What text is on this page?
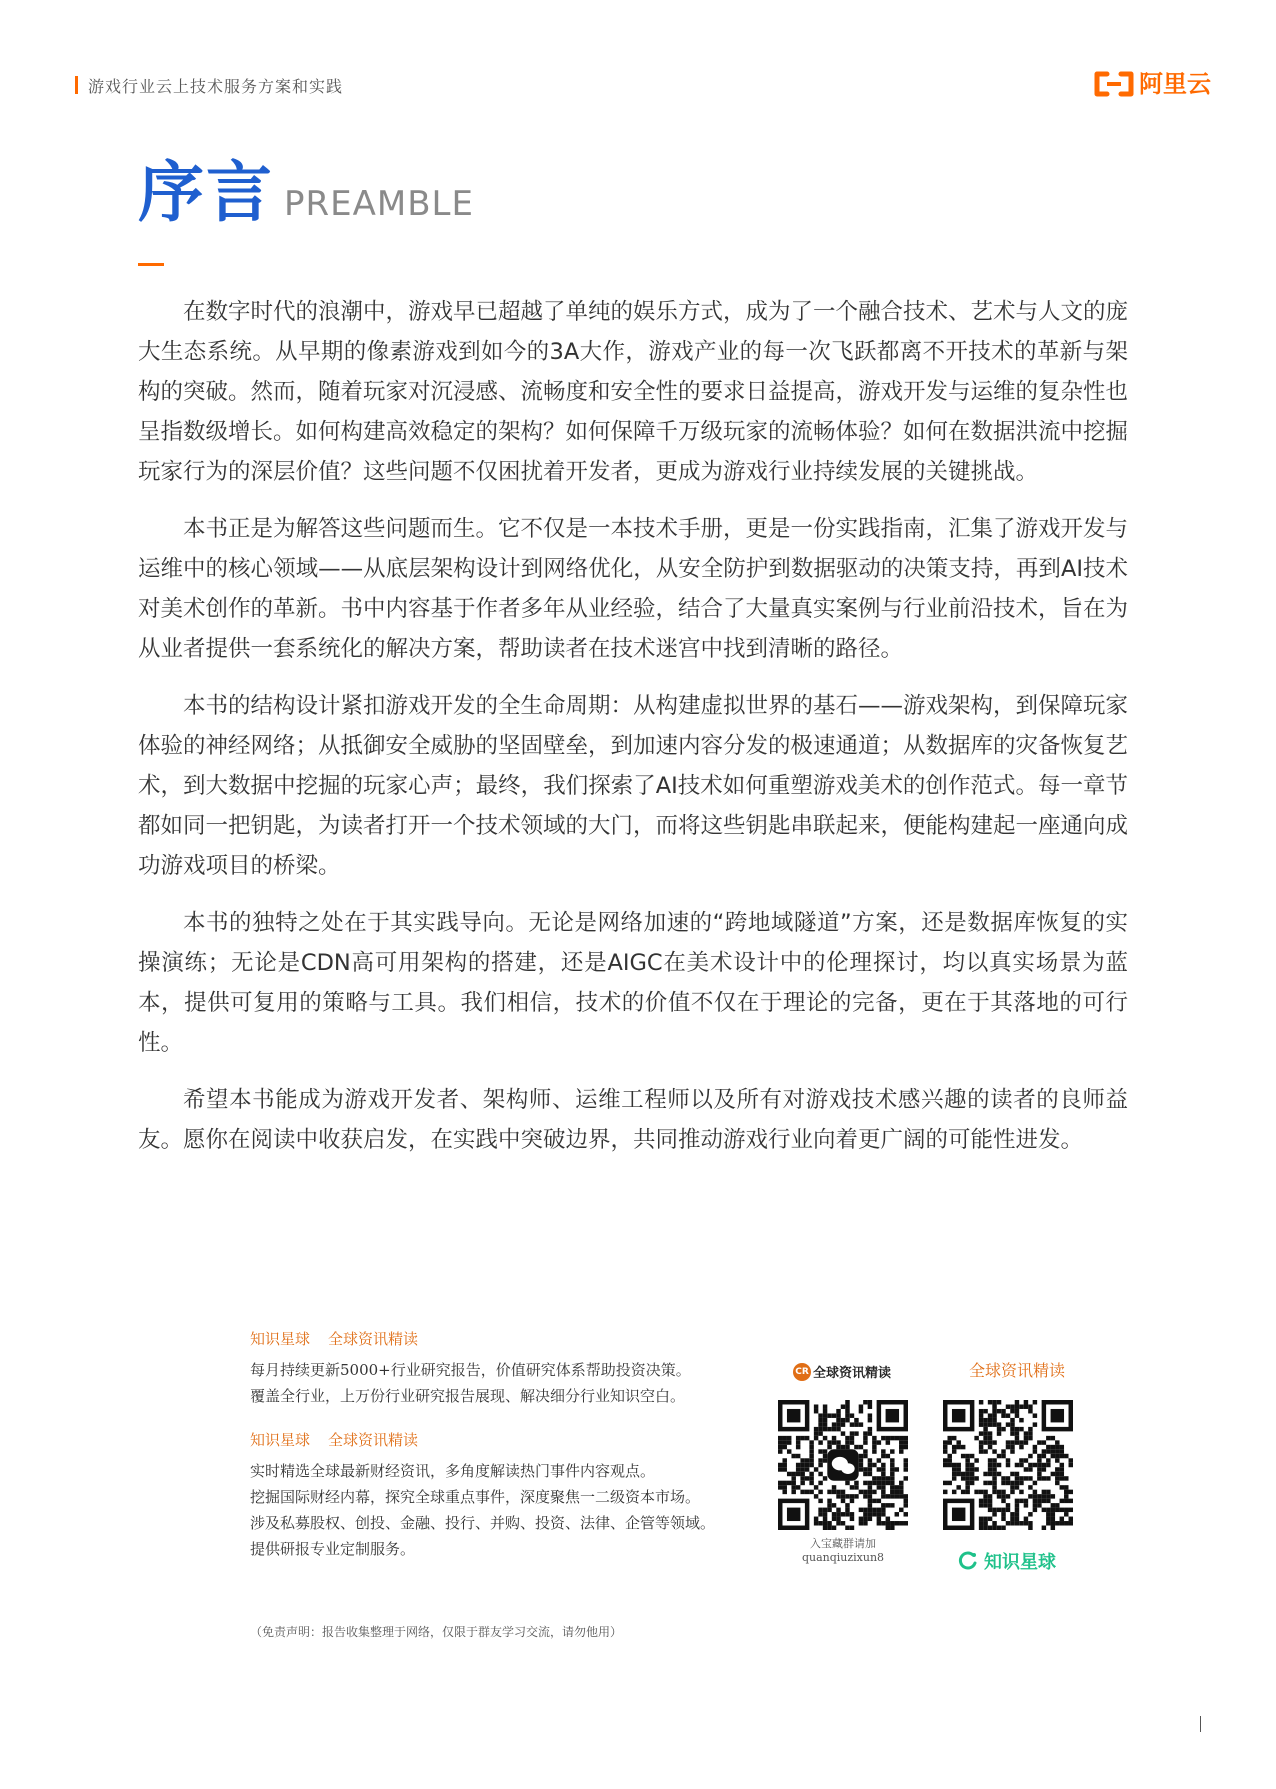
游戏行业云上技术服务方案和实践	阿里云
序言 PREAMBLE

在数字时代的浪潮中，游戏早已超越了单纯的娱乐方式，成为了一个融合技术、艺术与人文的庞大生态系统。从早期的像素游戏到如今的3A大作，游戏产业的每一次飞跃都离不开技术的革新与架构的突破。然而，随着玩家对沉浸感、流畅度和安全性的要求日益提高，游戏开发与运维的复杂性也呈指数级增长。如何构建高效稳定的架构？如何保障千万级玩家的流畅体验？如何在数据洪流中挖掘玩家行为的深层价值？这些问题不仅困扰着开发者，更成为游戏行业持续发展的关键挑战。

本书正是为解答这些问题而生。它不仅是一本技术手册，更是一份实践指南，汇集了游戏开发与运维中的核心领域——从底层架构设计到网络优化，从安全防护到数据驱动的决策支持，再到AI技术对美术创作的革新。书中内容基于作者多年从业经验，结合了大量真实案例与行业前沿技术，旨在为从业者提供一套系统化的解决方案，帮助读者在技术迷宫中找到清晰的路径。

本书的结构设计紧扣游戏开发的全生命周期：从构建虚拟世界的基石——游戏架构，到保障玩家体验的神经网络；从抵御安全威胁的坚固壁垒，到加速内容分发的极速通道；从数据库的灾备恢复艺术，到大数据中挖掘的玩家心声；最终，我们探索了AI技术如何重塑游戏美术的创作范式。每一章节都如同一把钥匙，为读者打开一个技术领域的大门，而将这些钥匙串联起来，便能构建起一座通向成功游戏项目的桥梁。

本书的独特之处在于其实践导向。无论是网络加速的“跨地域隧道”方案，还是数据库恢复的实操演练；无论是CDN高可用架构的搭建，还是AIGC在美术设计中的伦理探讨，均以真实场景为蓝本，提供可复用的策略与工具。我们相信，技术的价值不仅在于理论的完备，更在于其落地的可行性。

希望本书能成为游戏开发者、架构师、运维工程师以及所有对游戏技术感兴趣的读者的良师益友。愿你在阅读中收获启发，在实践中突破边界，共同推动游戏行业向着更广阔的可能性进发。

知识星球 全球资讯精读

每月持续更新5000+行业研究报告，价值研究体系帮助投资决策。

覆盖全行业，上万份行业研究报告展现、解决细分行业知识空白。

知识星球 全球资讯精读

实时精选全球最新财经资讯，多角度解读热门事件内容观点。

挖掘国际财经内幕，探究全球重点事件，深度聚焦一二级资本市场。

涉及私募股权、创投、金融、投行、并购、投资、法律、企管等领域。

提供研报专业定制服务。

CR 全球资讯精读
入宝藏群请加
quanqiuzixun8
全球资讯精读
知识星球
（免责声明：报告收集整理于网络，仅限于群友学习交流，请勿他用）
